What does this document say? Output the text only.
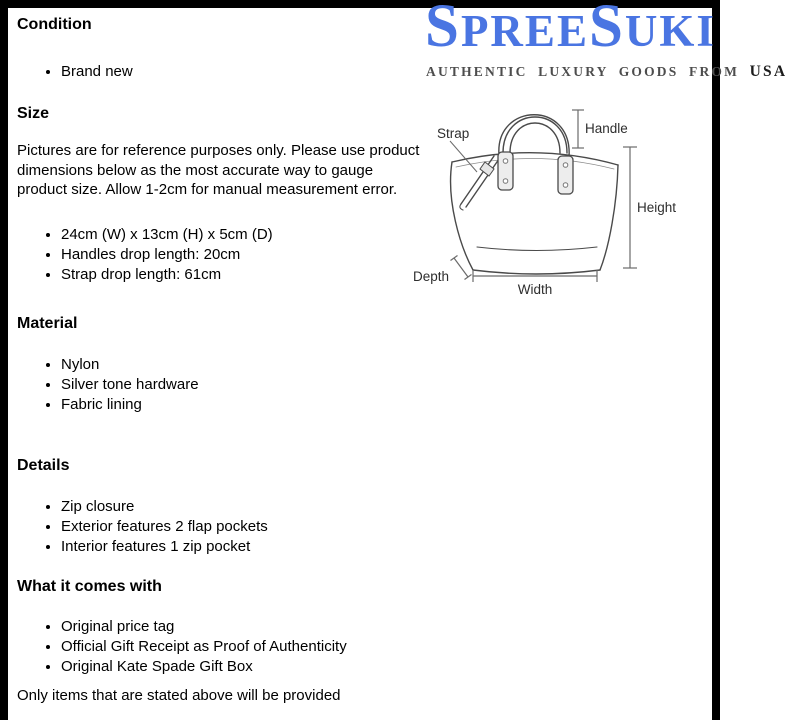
Condition

• Brand new

Size

Pictures are for reference purposes only. Please use product dimensions below as the most accurate way to gauge product size. Allow 1-2cm for manual measurement error.

• 24cm (W) x 13cm (H) x 5cm (D)
• Handles drop length: 20cm
• Strap drop length: 61cm

Material

• Nylon
• Silver tone hardware
• Fabric lining

Details

• Zip closure
• Exterior features 2 flap pockets
• Interior features 1 zip pocket

What it comes with

• Original price tag
• Official Gift Receipt as Proof of Authenticity
• Original Kate Spade Gift Box

Only items that are stated above will be provided

SPREESUKI
AUTHENTIC LUXURY GOODS FROM USA
Strap	Handle
Height
Depth
Width
